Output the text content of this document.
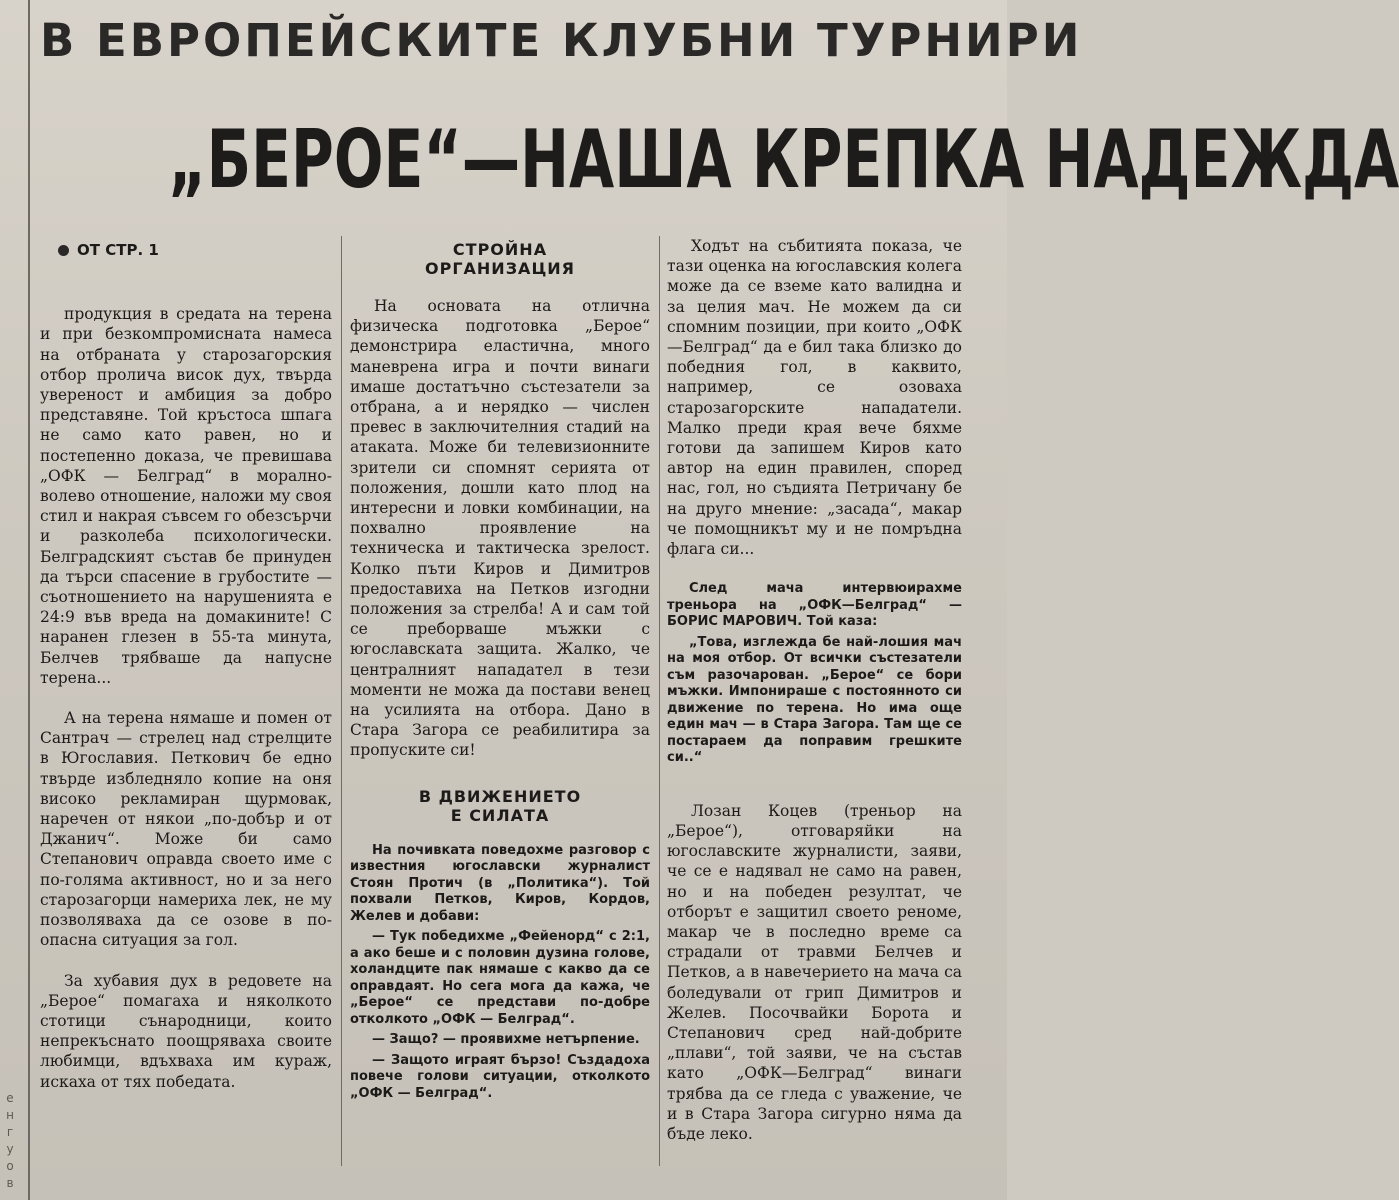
В ЕВРОПЕЙСКИТЕ КЛУБНИ ТУРНИРИ
„БЕРОЕ“—НАША КРЕПКА НАДЕЖДА
ОТ СТР. 1

продукция в средата на терена и при безкомпромисната намеса на отбраната у старозагорския отбор пролича висок дух, твърда увереност и амбиция за добро представяне. Той кръстоса шпага не само като равен, но и постепенно доказа, че превишава „ОФК — Белград“ в морално-волево отношение, наложи му своя стил и накрая съвсем го обезсърчи и разколеба психологически. Белградският състав бе принуден да търси спасение в грубостите — съотношението на нарушенията е 24:9 във вреда на домакините! С наранен глезен в 55-та минута, Белчев трябваше да напусне терена...

А на терена нямаше и помен от Сантрач — стрелец над стрелците в Югославия. Петкович бе едно твърде избледняло копие на оня високо рекламиран щурмовак, наречен от някои „по-добър и от Джанич“. Може би само Степанович оправда своето име с по-голяма активност, но и за него старозагорци намериха лек, не му позволяваха да се озове в по-опасна ситуация за гол.

За хубавия дух в редовете на „Берое“ помагаха и няколкото стотици сънародници, които непрекъснато поощряваха своите любимци, вдъхваха им кураж, искаха от тях победата.

СТРОЙНА
ОРГАНИЗАЦИЯ

На основата на отлична физическа подготовка „Берое“ демонстрира еластична, много маневрена игра и почти винаги имаше достатъчно състезатели за отбрана, а и нерядко — числен превес в заключителния стадий на атаката. Може би телевизионните зрители си спомнят серията от положения, дошли като плод на интересни и ловки комбинации, на похвално проявление на техническа и тактическа зрелост. Колко пъти Киров и Димитров предоставиха на Петков изгодни положения за стрелба! А и сам той се преборваше мъжки с югославската защита. Жалко, че централният нападател в тези моменти не можа да постави венец на усилията на отбора. Дано в Стара Загора се реабилитира за пропуските си!

В ДВИЖЕНИЕТО
Е СИЛАТА

На почивката поведохме разговор с известния югославски журналист Стоян Протич (в „Политика“). Той похвали Петков, Киров, Кордов, Желев и добави:

— Тук победихме „Фейенорд“ с 2:1, а ако беше и с половин дузина голове, холандците пак нямаше с какво да се оправдаят. Но сега мога да кажа, че „Берое“ се представи по-добре отколкото „ОФК — Белград“.

— Защо? — проявихме нетърпение.

— Защото играят бързо! Създадоха повече голови ситуации, отколкото „ОФК — Белград“.

Ходът на събитията показа, че тази оценка на югославския колега може да се вземе като валидна и за целия мач. Не можем да си спомним позиции, при които „ОФК—Белград“ да е бил така близко до победния гол, в каквито, например, се озоваха старозагорските нападатели. Малко преди края вече бяхме готови да запишем Киров като автор на един правилен, според нас, гол, но съдията Петричану бе на друго мнение: „засада“, макар че помощникът му и не помръдна флага си...

След мача интервюирахме треньора на „ОФК—Белград“ — БОРИС МАРОВИЧ. Той каза:

„Това, изглежда бе най-лошия мач на моя отбор. От всички състезатели съм разочарован. „Берое“ се бори мъжки. Импонираше с постоянното си движение по терена. Но има още един мач — в Стара Загора. Там ще се постараем да поправим грешките си..“

Лозан Коцев (треньор на „Берое“), отговаряйки на югославските журналисти, заяви, че се е надявал не само на равен, но и на победен резултат, че отборът е защитил своето реноме, макар че в последно време са страдали от травми Белчев и Петков, а в навечерието на мача са боледували от грип Димитров и Желев. Посочвайки Борота и Степанович сред най-добрите „плави“, той заяви, че на състав като „ОФК—Белград“ винаги трябва да се гледа с уважение, че и в Стара Загора сигурно няма да бъде леко.

е
н
г
у
о
в
